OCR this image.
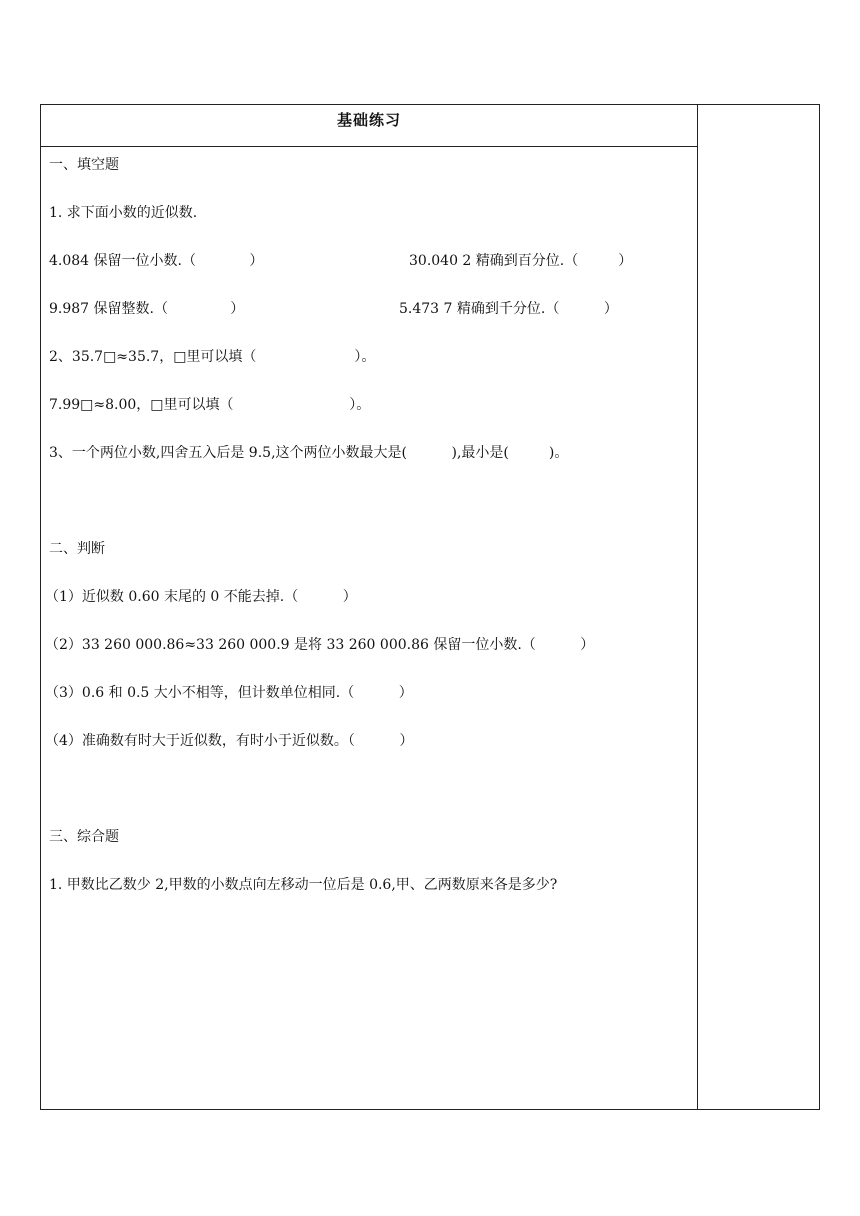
基础练习
一、填空题
1. 求下面小数的近似数.
4.084 保留一位小数.（            ）	30.040 2 精确到百分位.（         ）
9.987 保留整数.（              ）	5.473 7 精确到千分位.（          ）
2、35.7□≈35.7，□里可以填（                      ）。
7.99□≈8.00，□里可以填（                          ）。
3、一个两位小数,四舍五入后是 9.5,这个两位小数最大是(          ),最小是(         )。
二、判断
（1）近似数 0.60 末尾的 0 不能去掉.（          ）
（2）33 260 000.86≈33 260 000.9 是将 33 260 000.86 保留一位小数.（          ）
（3）0.6 和 0.5 大小不相等，但计数单位相同.（          ）
（4）准确数有时大于近似数，有时小于近似数。（          ）
三、综合题
1. 甲数比乙数少 2,甲数的小数点向左移动一位后是 0.6,甲、乙两数原来各是多少?
